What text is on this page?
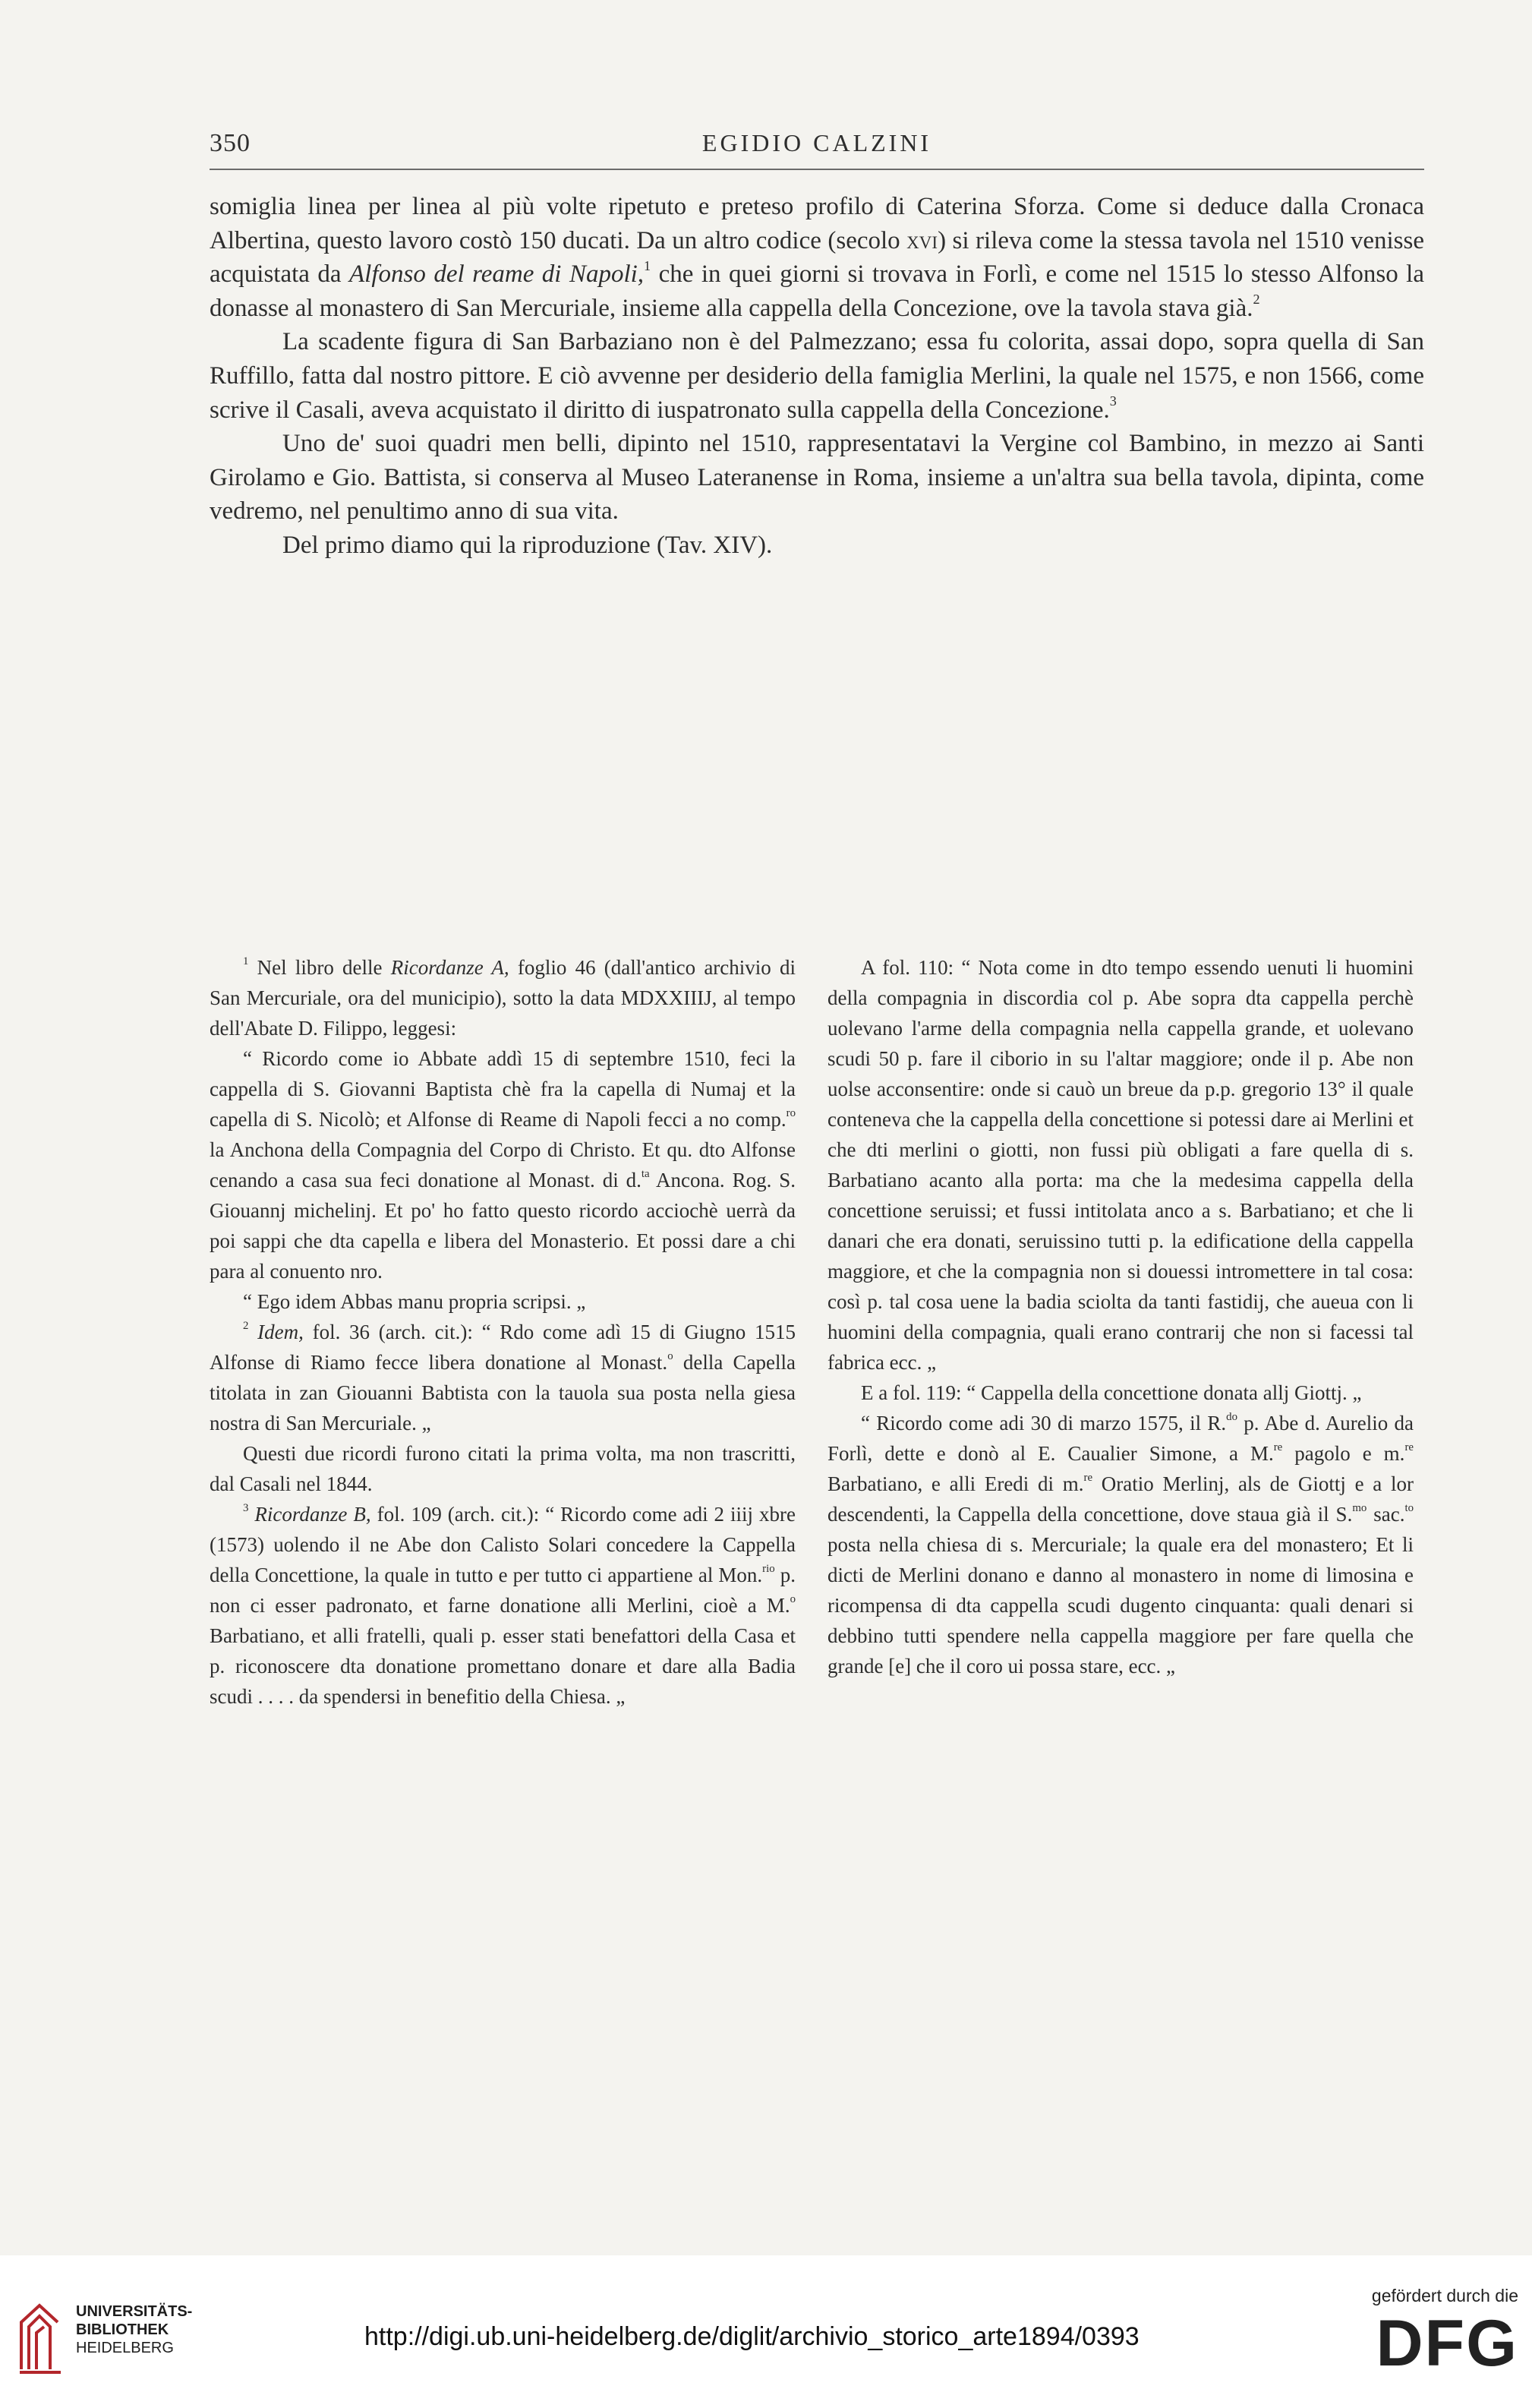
350	EGIDIO CALZINI

somiglia linea per linea al più volte ripetuto e preteso profilo di Caterina Sforza. Come si deduce dalla Cronaca Albertina, questo lavoro costò 150 ducati. Da un altro codice (secolo xvi) si rileva come la stessa tavola nel 1510 venisse acquistata da Alfonso del reame di Napoli,$^1$ che in quei giorni si trovava in Forlì, e come nel 1515 lo stesso Alfonso la donasse al monastero di San Mercuriale, insieme alla cappella della Concezione, ove la tavola stava già.$^2$

La scadente figura di San Barbaziano non è del Palmezzano; essa fu colorita, assai dopo, sopra quella di San Ruffillo, fatta dal nostro pittore. E ciò avvenne per desiderio della famiglia Merlini, la quale nel 1575, e non 1566, come scrive il Casali, aveva acquistato il diritto di iuspatronato sulla cappella della Concezione.$^3$

Uno de' suoi quadri men belli, dipinto nel 1510, rappresentatavi la Vergine col Bambino, in mezzo ai Santi Girolamo e Gio. Battista, si conserva al Museo Lateranense in Roma, insieme a un'altra sua bella tavola, dipinta, come vedremo, nel penultimo anno di sua vita.

Del primo diamo qui la riproduzione (Tav. XIV).

$^1$ Nel libro delle Ricordanze A, foglio 46 (dall'antico archivio di San Mercuriale, ora del municipio), sotto la data MDXXIIIJ, al tempo dell'Abate D. Filippo, leggesi:

“ Ricordo come io Abbate addì 15 di septembre 1510, feci la cappella di S. Giovanni Baptista chè fra la capella di Numaj et la capella di S. Nicolò; et Alfonse di Reame di Napoli fecci a no comp.$^{ro}$ la Anchona della Compagnia del Corpo di Christo. Et qu. dto Alfonse cenando a casa sua feci donatione al Monast. di d.$^{ta}$ Ancona. Rog. S. Giouannj michelinj. Et po' ho fatto questo ricordo acciochè uerrà da poi sappi che dta capella e libera del Monasterio. Et possi dare a chi para al conuento nro.

“ Ego idem Abbas manu propria scripsi. „

$^2$ Idem, fol. 36 (arch. cit.): “ Rdo come adì 15 di Giugno 1515 Alfonse di Riamo fecce libera donatione al Monast.$^o$ della Capella titolata in zan Giouanni Babtista con la tauola sua posta nella giesa nostra di San Mercuriale. „

Questi due ricordi furono citati la prima volta, ma non trascritti, dal Casali nel 1844.

$^3$ Ricordanze B, fol. 109 (arch. cit.): “ Ricordo come adi 2 iiij xbre (1573) uolendo il ne Abe don Calisto Solari concedere la Cappella della Concettione, la quale in tutto e per tutto ci appartiene al Mon.$^{rio}$ p. non ci esser padronato, et farne donatione alli Merlini, cioè a M.$^o$ Barbatiano, et alli fratelli, quali p. esser stati benefattori della Casa et p. riconoscere dta donatione promettano donare et dare alla Badia scudi . . . . da spendersi in benefitio della Chiesa. „

A fol. 110: “ Nota come in dto tempo essendo uenuti li huomini della compagnia in discordia col p. Abe sopra dta cappella perchè uolevano l'arme della compagnia nella cappella grande, et uolevano scudi 50 p. fare il ciborio in su l'altar maggiore; onde il p. Abe non uolse acconsentire: onde si cauò un breue da p.p. gregorio 13° il quale conteneva che la cappella della concettione si potessi dare ai Merlini et che dti merlini o giotti, non fussi più obligati a fare quella di s. Barbatiano acanto alla porta: ma che la medesima cappella della concettione seruissi; et fussi intitolata anco a s. Barbatiano; et che li danari che era donati, seruissino tutti p. la edificatione della cappella maggiore, et che la compagnia non si douessi intromettere in tal cosa: così p. tal cosa uene la badia sciolta da tanti fastidij, che aueua con li huomini della compagnia, quali erano contrarij che non si facessi tal fabrica ecc. „

E a fol. 119: “ Cappella della concettione donata allj Giottj. „

“ Ricordo come adi 30 di marzo 1575, il R.$^{do}$ p. Abe d. Aurelio da Forlì, dette e donò al E. Caualier Simone, a M.$^{re}$ pagolo e m.$^{re}$ Barbatiano, e alli Eredi di m.$^{re}$ Oratio Merlinj, als de Giottj e a lor descendenti, la Cappella della concettione, dove staua già il S.$^{mo}$ sac.$^{to}$ posta nella chiesa di s. Mercuriale; la quale era del monastero; Et li dicti de Merlini donano e danno al monastero in nome di limosina e ricompensa di dta cappella scudi dugento cinquanta: quali denari si debbino tutti spendere nella cappella maggiore per fare quella che grande [e] che il coro ui possa stare, ecc. „

UNIVERSITÄTS-
BIBLIOTHEK
HEIDELBERG	http://digi.ub.uni-heidelberg.de/diglit/archivio_storico_arte1894/0393
gefördert durch die
DFG
